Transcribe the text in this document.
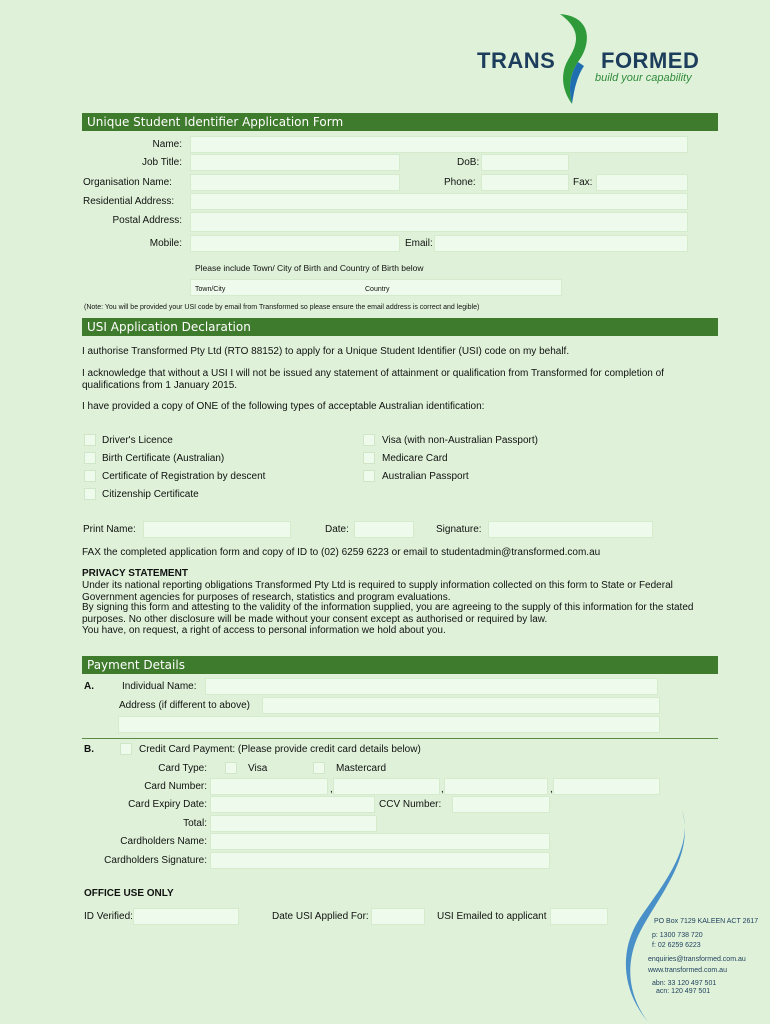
TRANS FORMED
build your capability
Unique Student Identifier Application Form
Name:
Job Title:	DoB:
Organisation Name:	Phone:	Fax:
Residential Address:
Postal Address:
Mobile:	Email:
Please include Town/ City of Birth and Country of Birth below
Town/City	Country
(Note: You will be provided your USI code by email from Transformed so please ensure the email address is correct and legible)
USI Application Declaration
I authorise Transformed Pty Ltd (RTO 88152) to apply for a Unique Student Identifier (USI) code on my behalf.
I acknowledge that without a USI I will not be issued any statement of attainment or qualification from Transformed for completion of qualifications from 1 January 2015.
I have provided a copy of ONE of the following types of acceptable Australian identification:
Driver's Licence
Birth Certificate (Australian)
Certificate of Registration by descent
Citizenship Certificate
Visa (with non-Australian Passport)
Medicare Card
Australian Passport
Print Name:	Date:	Signature:
FAX the completed application form and copy of ID to (02) 6259 6223 or email to studentadmin@transformed.com.au
PRIVACY STATEMENT
Under its national reporting obligations Transformed Pty Ltd is required to supply information collected on this form to State or Federal Government agencies for purposes of research, statistics and program evaluations.
By signing this form and attesting to the validity of the information supplied, you are agreeing to the supply of this information for the stated purposes. No other disclosure will be made without your consent except as authorised or required by law.
You have, on request, a right of access to personal information we hold about you.
Payment Details
A.	Individual Name:
Address (if different to above)
B.	Credit Card Payment: (Please provide credit card details below)
Card Type:	Visa	Mastercard
Card Number:	,	,	,
Card Expiry Date:	CCV Number:
Total:
Cardholders Name:
Cardholders Signature:
OFFICE USE ONLY
ID Verified:	Date USI Applied For:	USI Emailed to applicant	PO Box 7129 KALEEN ACT 2617
p: 1300 738 720
f: 02 6259 6223
enquiries@transformed.com.au
www.transformed.com.au
abn: 33 120 497 501
acn: 120 497 501
